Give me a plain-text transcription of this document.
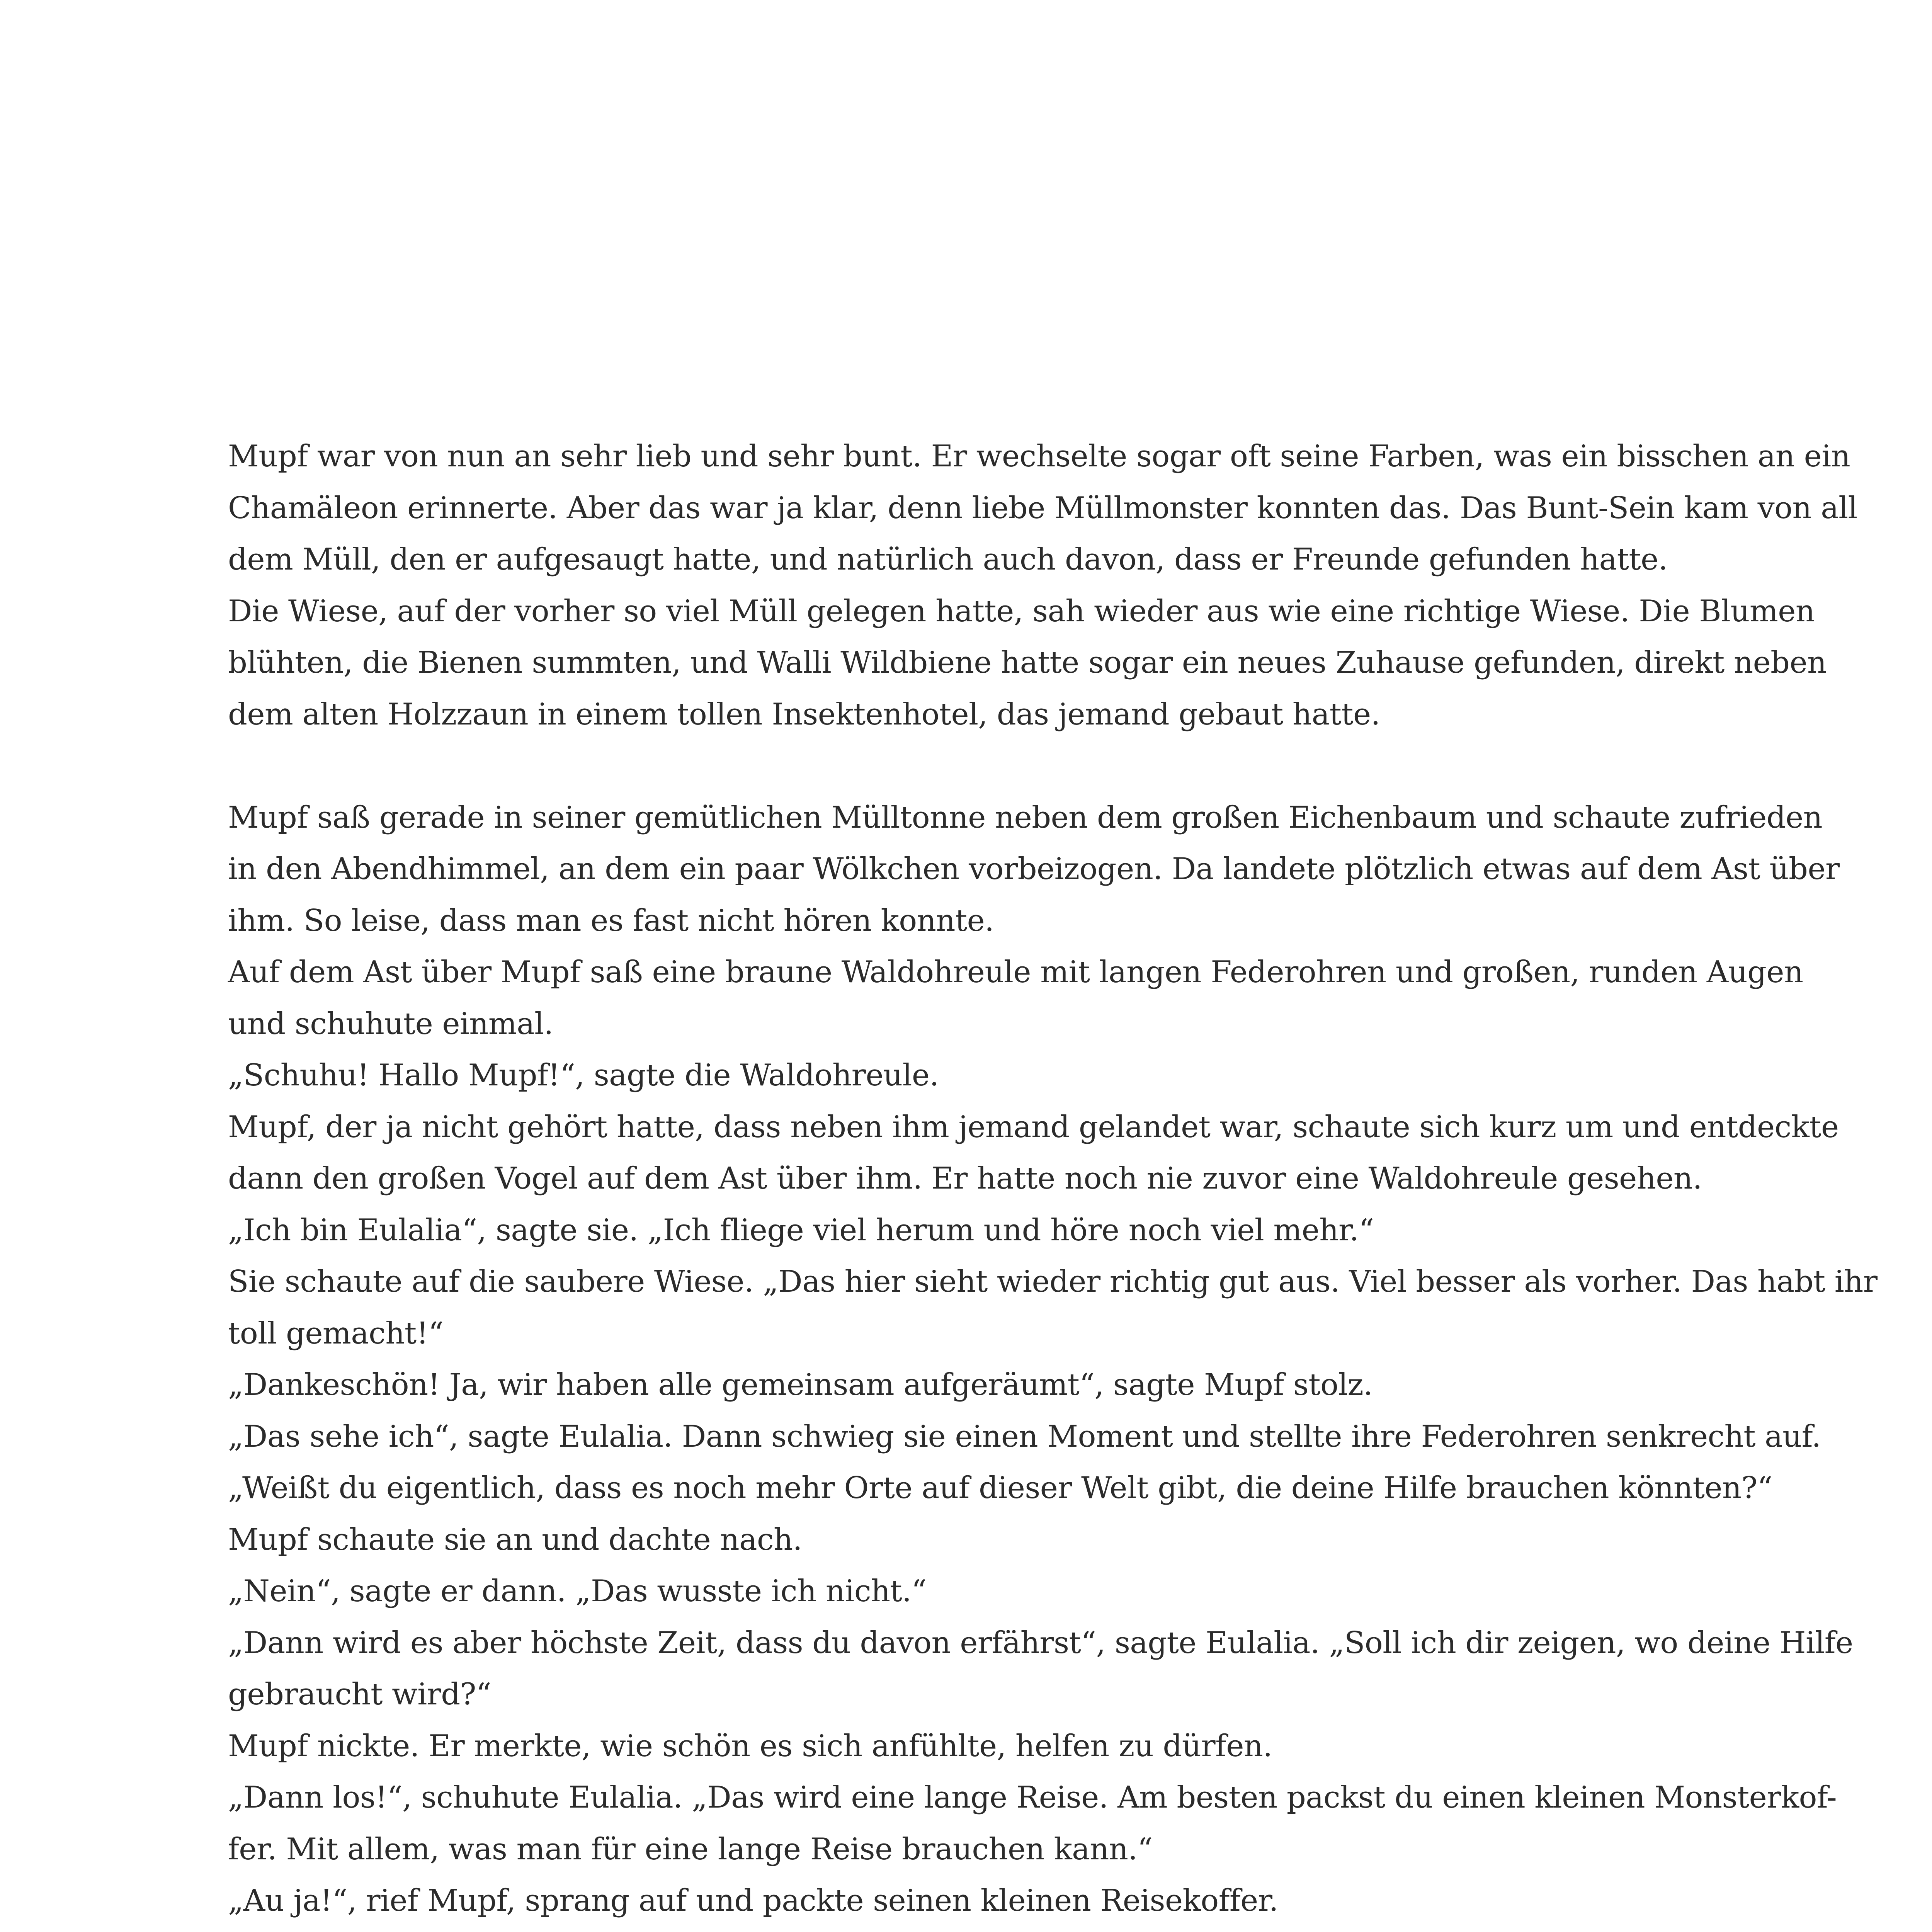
Mupf war von nun an sehr lieb und sehr bunt. Er wechselte sogar oft seine Farben, was ein bisschen an ein
Chamäleon erinnerte. Aber das war ja klar, denn liebe Müllmonster konnten das. Das Bunt-Sein kam von all
dem Müll, den er aufgesaugt hatte, und natürlich auch davon, dass er Freunde gefunden hatte.
Die Wiese, auf der vorher so viel Müll gelegen hatte, sah wieder aus wie eine richtige Wiese. Die Blumen
blühten, die Bienen summten, und Walli Wildbiene hatte sogar ein neues Zuhause gefunden, direkt neben
dem alten Holzzaun in einem tollen Insektenhotel, das jemand gebaut hatte.
Mupf saß gerade in seiner gemütlichen Mülltonne neben dem großen Eichenbaum und schaute zufrieden
in den Abendhimmel, an dem ein paar Wölkchen vorbeizogen. Da landete plötzlich etwas auf dem Ast über
ihm. So leise, dass man es fast nicht hören konnte.
Auf dem Ast über Mupf saß eine braune Waldohreule mit langen Federohren und großen, runden Augen
und schuhute einmal.
„Schuhu! Hallo Mupf!“, sagte die Waldohreule.
Mupf, der ja nicht gehört hatte, dass neben ihm jemand gelandet war, schaute sich kurz um und entdeckte
dann den großen Vogel auf dem Ast über ihm. Er hatte noch nie zuvor eine Waldohreule gesehen.
„Ich bin Eulalia“, sagte sie. „Ich fliege viel herum und höre noch viel mehr.“
Sie schaute auf die saubere Wiese. „Das hier sieht wieder richtig gut aus. Viel besser als vorher. Das habt ihr
toll gemacht!“
„Dankeschön! Ja, wir haben alle gemeinsam aufgeräumt“, sagte Mupf stolz.
„Das sehe ich“, sagte Eulalia. Dann schwieg sie einen Moment und stellte ihre Federohren senkrecht auf.
„Weißt du eigentlich, dass es noch mehr Orte auf dieser Welt gibt, die deine Hilfe brauchen könnten?“
Mupf schaute sie an und dachte nach.
„Nein“, sagte er dann. „Das wusste ich nicht.“
„Dann wird es aber höchste Zeit, dass du davon erfährst“, sagte Eulalia. „Soll ich dir zeigen, wo deine Hilfe
gebraucht wird?“
Mupf nickte. Er merkte, wie schön es sich anfühlte, helfen zu dürfen.
„Dann los!“, schuhute Eulalia. „Das wird eine lange Reise. Am besten packst du einen kleinen Monsterkof-
fer. Mit allem, was man für eine lange Reise brauchen kann.“
„Au ja!“, rief Mupf, sprang auf und packte seinen kleinen Reisekoffer.
